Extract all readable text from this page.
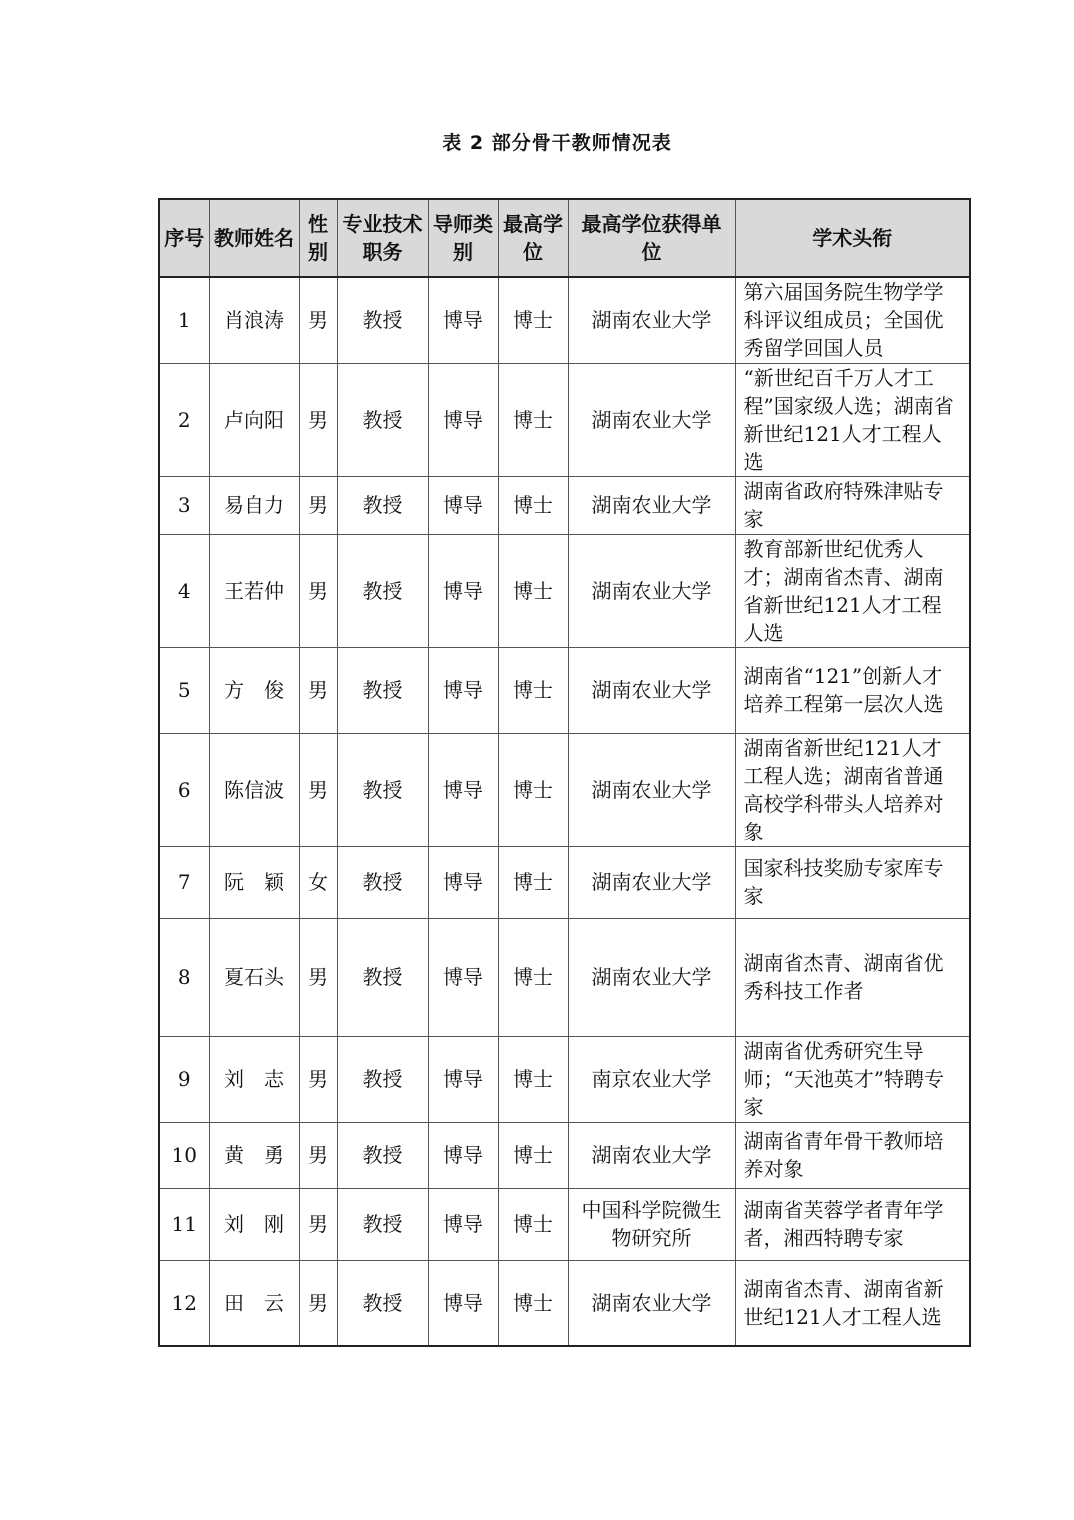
表 2 部分骨干教师情况表
序号	教师姓名	性别	专业技术职务	导师类别	最高学位	最高学位获得单位	学术头衔
1	肖浪涛	男	教授	博导	博士	湖南农业大学	第六届国务院生物学学科评议组成员；全国优秀留学回国人员
2	卢向阳	男	教授	博导	博士	湖南农业大学	“新世纪百千万人才工程”国家级人选；湖南省新世纪121人才工程人选
3	易自力	男	教授	博导	博士	湖南农业大学	湖南省政府特殊津贴专家
4	王若仲	男	教授	博导	博士	湖南农业大学	教育部新世纪优秀人才；湖南省杰青、湖南省新世纪121人才工程人选
5	方　俊	男	教授	博导	博士	湖南农业大学	湖南省“121”创新人才培养工程第一层次人选
6	陈信波	男	教授	博导	博士	湖南农业大学	湖南省新世纪121人才工程人选；湖南省普通高校学科带头人培养对象
7	阮　颖	女	教授	博导	博士	湖南农业大学	国家科技奖励专家库专家
8	夏石头	男	教授	博导	博士	湖南农业大学	湖南省杰青、湖南省优秀科技工作者
9	刘　志	男	教授	博导	博士	南京农业大学	湖南省优秀研究生导师；“天池英才”特聘专家
10	黄　勇	男	教授	博导	博士	湖南农业大学	湖南省青年骨干教师培养对象
11	刘　刚	男	教授	博导	博士	中国科学院微生物研究所	湖南省芙蓉学者青年学者，湘西特聘专家
12	田　云	男	教授	博导	博士	湖南农业大学	湖南省杰青、湖南省新世纪121人才工程人选
